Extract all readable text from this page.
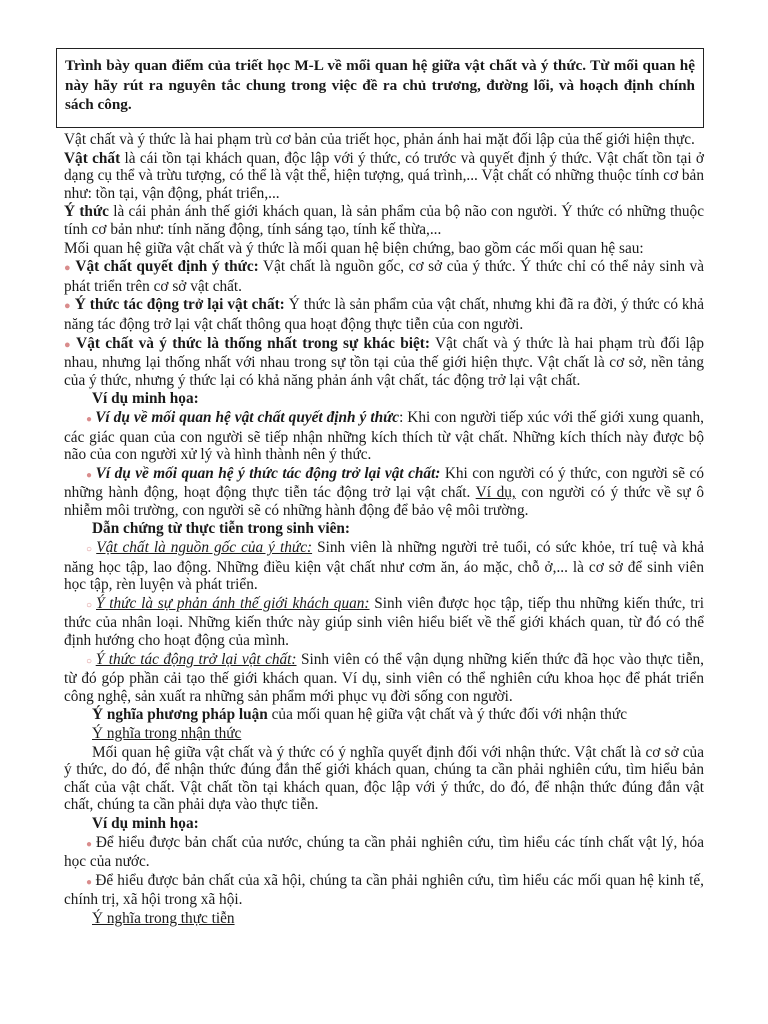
Trình bày quan điểm của triết học M-L về mối quan hệ giữa vật chất và ý thức. Từ mối quan hệ này hãy rút ra nguyên tắc chung trong việc đề ra chủ trương, đường lối, và hoạch định chính sách công.

Vật chất và ý thức là hai phạm trù cơ bản của triết học, phản ánh hai mặt đối lập của thế giới hiện thực.

Vật chất là cái tồn tại khách quan, độc lập với ý thức, có trước và quyết định ý thức. Vật chất tồn tại ở dạng cụ thể và trừu tượng, có thể là vật thể, hiện tượng, quá trình,... Vật chất có những thuộc tính cơ bản như: tồn tại, vận động, phát triển,...

Ý thức là cái phản ánh thế giới khách quan, là sản phẩm của bộ não con người. Ý thức có những thuộc tính cơ bản như: tính năng động, tính sáng tạo, tính kế thừa,...

Mối quan hệ giữa vật chất và ý thức là mối quan hệ biện chứng, bao gồm các mối quan hệ sau:

● Vật chất quyết định ý thức: Vật chất là nguồn gốc, cơ sở của ý thức. Ý thức chỉ có thể nảy sinh và phát triển trên cơ sở vật chất.

● Ý thức tác động trở lại vật chất: Ý thức là sản phẩm của vật chất, nhưng khi đã ra đời, ý thức có khả năng tác động trở lại vật chất thông qua hoạt động thực tiễn của con người.

● Vật chất và ý thức là thống nhất trong sự khác biệt: Vật chất và ý thức là hai phạm trù đối lập nhau, nhưng lại thống nhất với nhau trong sự tồn tại của thế giới hiện thực. Vật chất là cơ sở, nền tảng của ý thức, nhưng ý thức lại có khả năng phản ánh vật chất, tác động trở lại vật chất.

Ví dụ minh họa:

● Ví dụ về mối quan hệ vật chất quyết định ý thức: Khi con người tiếp xúc với thế giới xung quanh, các giác quan của con người sẽ tiếp nhận những kích thích từ vật chất. Những kích thích này được bộ não của con người xử lý và hình thành nên ý thức.

● Ví dụ về mối quan hệ ý thức tác động trở lại vật chất: Khi con người có ý thức, con người sẽ có những hành động, hoạt động thực tiễn tác động trở lại vật chất. Ví dụ, con người có ý thức về sự ô nhiễm môi trường, con người sẽ có những hành động để bảo vệ môi trường.

Dẫn chứng từ thực tiễn trong sinh viên:

○ Vật chất là nguồn gốc của ý thức: Sinh viên là những người trẻ tuổi, có sức khỏe, trí tuệ và khả năng học tập, lao động. Những điều kiện vật chất như cơm ăn, áo mặc, chỗ ở,... là cơ sở để sinh viên học tập, rèn luyện và phát triển.

○ Ý thức là sự phản ánh thế giới khách quan: Sinh viên được học tập, tiếp thu những kiến thức, tri thức của nhân loại. Những kiến thức này giúp sinh viên hiểu biết về thế giới khách quan, từ đó có thể định hướng cho hoạt động của mình.

○ Ý thức tác động trở lại vật chất: Sinh viên có thể vận dụng những kiến thức đã học vào thực tiễn, từ đó góp phần cải tạo thế giới khách quan. Ví dụ, sinh viên có thể nghiên cứu khoa học để phát triển công nghệ, sản xuất ra những sản phẩm mới phục vụ đời sống con người.

Ý nghĩa phương pháp luận của mối quan hệ giữa vật chất và ý thức đối với nhận thức

Ý nghĩa trong nhận thức

Mối quan hệ giữa vật chất và ý thức có ý nghĩa quyết định đối với nhận thức. Vật chất là cơ sở của ý thức, do đó, để nhận thức đúng đắn thế giới khách quan, chúng ta cần phải nghiên cứu, tìm hiểu bản chất của vật chất. Vật chất tồn tại khách quan, độc lập với ý thức, do đó, để nhận thức đúng đắn vật chất, chúng ta cần phải dựa vào thực tiễn.

Ví dụ minh họa:

● Để hiểu được bản chất của nước, chúng ta cần phải nghiên cứu, tìm hiểu các tính chất vật lý, hóa học của nước.

● Để hiểu được bản chất của xã hội, chúng ta cần phải nghiên cứu, tìm hiểu các mối quan hệ kinh tế, chính trị, xã hội trong xã hội.

Ý nghĩa trong thực tiễn
